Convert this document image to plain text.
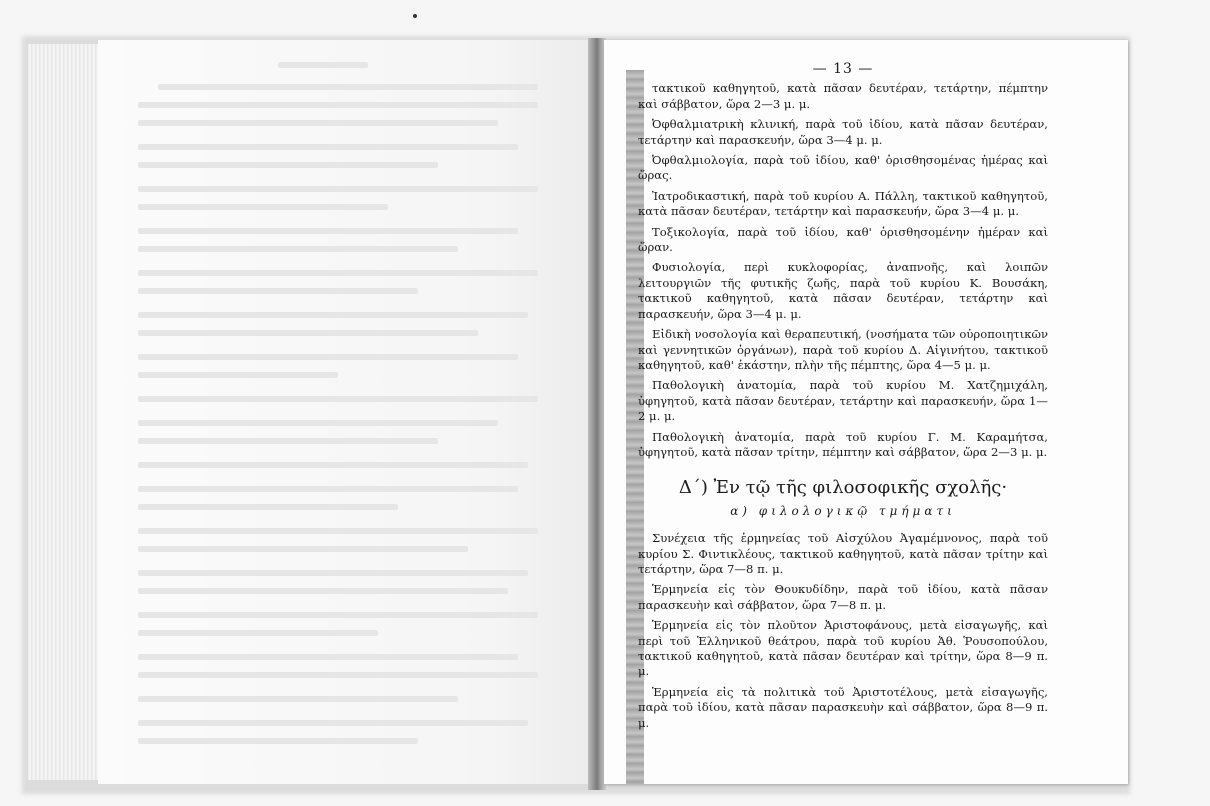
— 13 —

τακτικοῦ καθηγητοῦ, κατὰ πᾶσαν δευτέραν, τετάρτην, πέμπτην καὶ σάββατον, ὥρα 2—3 μ. μ.

Ὀφθαλμιατρικὴ κλινική, παρὰ τοῦ ἰδίου, κατὰ πᾶσαν δευτέραν, τετάρτην καὶ παρασκευήν, ὥρα 3—4 μ. μ.

Ὀφθαλμιολογία, παρὰ τοῦ ἰδίου, καθ' ὁρισθησομένας ἡμέρας καὶ ὥρας.

Ἰατροδικαστική, παρὰ τοῦ κυρίου Α. Πάλλη, τακτικοῦ καθηγητοῦ, κατὰ πᾶσαν δευτέραν, τετάρτην καὶ παρασκευήν, ὥρα 3—4 μ. μ.

Τοξικολογία, παρὰ τοῦ ἰδίου, καθ' ὁρισθησομένην ἡμέραν καὶ ὥραν.

Φυσιολογία, περὶ κυκλοφορίας, ἀναπνοῆς, καὶ λοιπῶν λειτουργιῶν τῆς φυτικῆς ζωῆς, παρὰ τοῦ κυρίου Κ. Βουσάκη, τακτικοῦ καθηγητοῦ, κατὰ πᾶσαν δευτέραν, τετάρτην καὶ παρασκευήν, ὥρα 3—4 μ. μ.

Εἰδικὴ νοσολογία καὶ θεραπευτική, (νοσήματα τῶν οὐροποιητικῶν καὶ γεννητικῶν ὀργάνων), παρὰ τοῦ κυρίου Δ. Αἰγινήτου, τακτικοῦ καθηγητοῦ, καθ' ἑκάστην, πλὴν τῆς πέμπτης, ὥρα 4—5 μ. μ.

Παθολογικὴ ἀνατομία, παρὰ τοῦ κυρίου Μ. Χατζημιχάλη, ὑφηγητοῦ, κατὰ πᾶσαν δευτέραν, τετάρτην καὶ παρασκευήν, ὥρα 1—2 μ. μ.

Παθολογικὴ ἀνατομία, παρὰ τοῦ κυρίου Γ. Μ. Καραμήτσα, ὑφηγητοῦ, κατὰ πᾶσαν τρίτην, πέμπτην καὶ σάββατον, ὥρα 2—3 μ. μ.

Δ΄) Ἐν τῷ τῆς φιλοσοφικῆς σχολῆς·
α) φιλολογικῷ τμήματι

Συνέχεια τῆς ἑρμηνείας τοῦ Αἰσχύλου Ἀγαμέμνονος, παρὰ τοῦ κυρίου Σ. Φιντικλέους, τακτικοῦ καθηγητοῦ, κατὰ πᾶσαν τρίτην καὶ τετάρτην, ὥρα 7—8 π. μ.

Ἑρμηνεία εἰς τὸν Θουκυδίδην, παρὰ τοῦ ἰδίου, κατὰ πᾶσαν παρασκευὴν καὶ σάββατον, ὥρα 7—8 π. μ.

Ἑρμηνεία εἰς τὸν πλοῦτον Ἀριστοφάνους, μετὰ εἰσαγωγῆς, καὶ περὶ τοῦ Ἑλληνικοῦ θεάτρου, παρὰ τοῦ κυρίου Ἀθ. Ῥουσοπούλου, τακτικοῦ καθηγητοῦ, κατὰ πᾶσαν δευτέραν καὶ τρίτην, ὥρα 8—9 π. μ.

Ἑρμηνεία εἰς τὰ πολιτικὰ τοῦ Ἀριστοτέλους, μετὰ εἰσαγωγῆς, παρὰ τοῦ ἰδίου, κατὰ πᾶσαν παρασκευὴν καὶ σάββατον, ὥρα 8—9 π. μ.
